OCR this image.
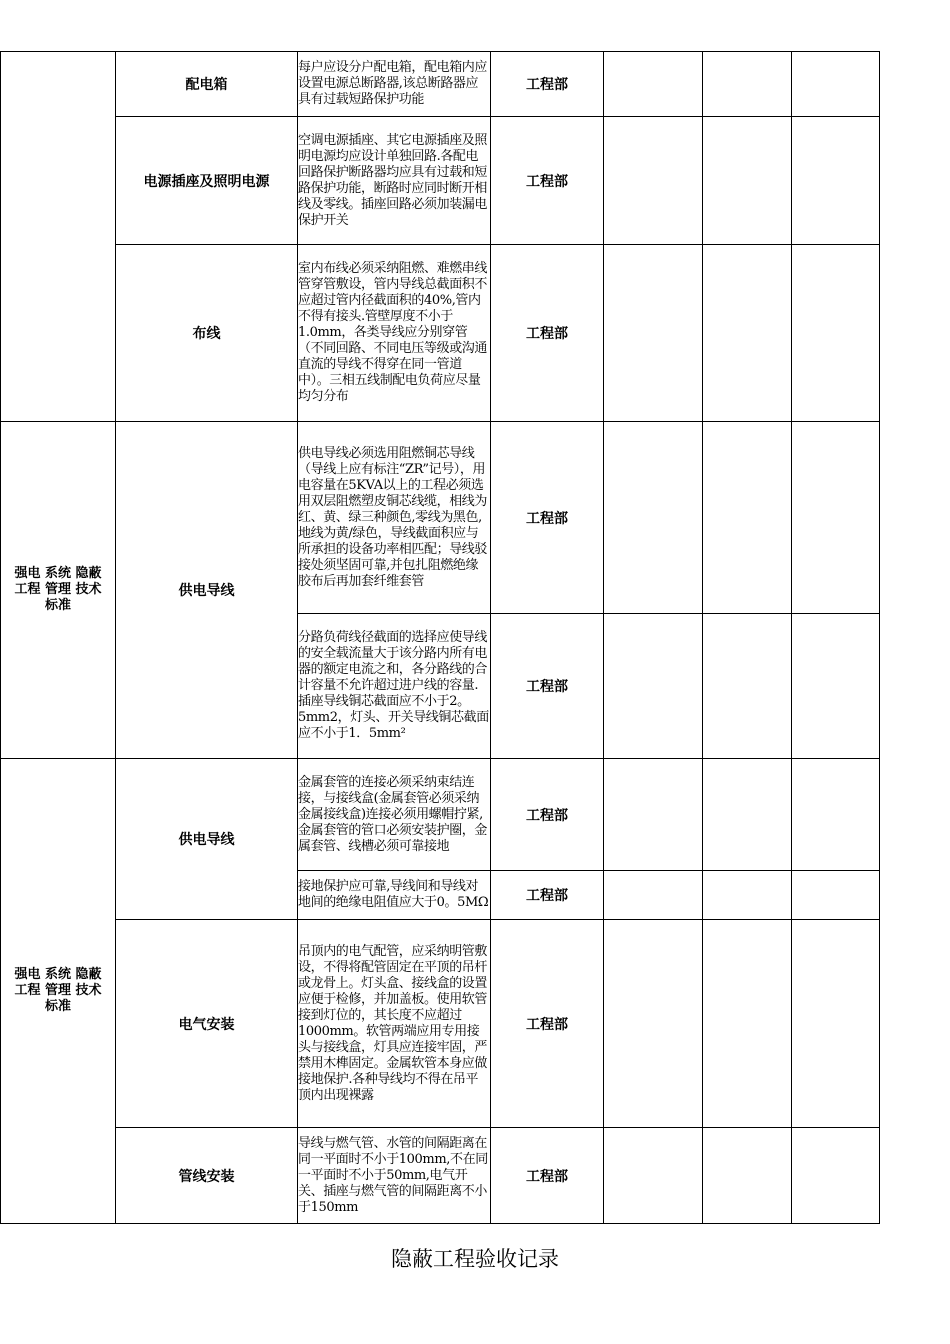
	配电箱	每户应设分户配电箱，配电箱内应设置电源总断路器,该总断路器应具有过载短路保护功能	工程部			
	电源插座及照明电源	空调电源插座、其它电源插座及照明电源均应设计单独回路.各配电回路保护断路器均应具有过载和短路保护功能，断路时应同时断开相线及零线。插座回路必须加装漏电保护开关	工程部			
	布线	室内布线必须采纳阻燃、难燃串线管穿管敷设，管内导线总截面积不应超过管内径截面积的40%,管内不得有接头.管壁厚度不小于1.0mm，各类导线应分别穿管（不同回路、不同电压等级或沟通直流的导线不得穿在同一管道中）。三相五线制配电负荷应尽量均匀分布	工程部			
强电 系统 隐蔽 工程 管理 技术 标准	供电导线	供电导线必须选用阻燃铜芯导线（导线上应有标注“ZR”记号），用电容量在5KVA以上的工程必须选用双层阻燃塑皮铜芯线缆，相线为红、黄、绿三种颜色,零线为黑色,地线为黄/绿色，导线截面积应与所承担的设备功率相匹配；导线驳接处须坚固可靠,并包扎阻燃绝缘胶布后再加套纤维套管	工程部			
		分路负荷线径截面的选择应使导线的安全载流量大于该分路内所有电器的额定电流之和，各分路线的合计容量不允许超过进户线的容量.插座导线铜芯截面应不小于2。5mm2，灯头、开关导线铜芯截面应不小于1．5mm²	工程部			
强电 系统 隐蔽 工程 管理 技术 标准	供电导线	金属套管的连接必须采纳束结连接，与接线盒(金属套管必须采纳金属接线盒)连接必须用螺帽拧紧,金属套管的管口必须安装护圈，金属套管、线槽必须可靠接地	工程部			
		接地保护应可靠,导线间和导线对地间的绝缘电阻值应大于0。5MΩ	工程部			
	电气安装	吊顶内的电气配管，应采纳明管敷设，不得将配管固定在平顶的吊杆或龙骨上。灯头盒、接线盒的设置应便于检修，并加盖板。使用软管接到灯位的，其长度不应超过1000mm。软管两端应用专用接头与接线盒，灯具应连接牢固，严禁用木榫固定。金属软管本身应做接地保护.各种导线均不得在吊平顶内出现裸露	工程部			
	管线安装	导线与燃气管、水管的间隔距离在同一平面时不小于100mm,不在同一平面时不小于50mm,电气开关、插座与燃气管的间隔距离不小于150mm	工程部			
隐蔽工程验收记录
